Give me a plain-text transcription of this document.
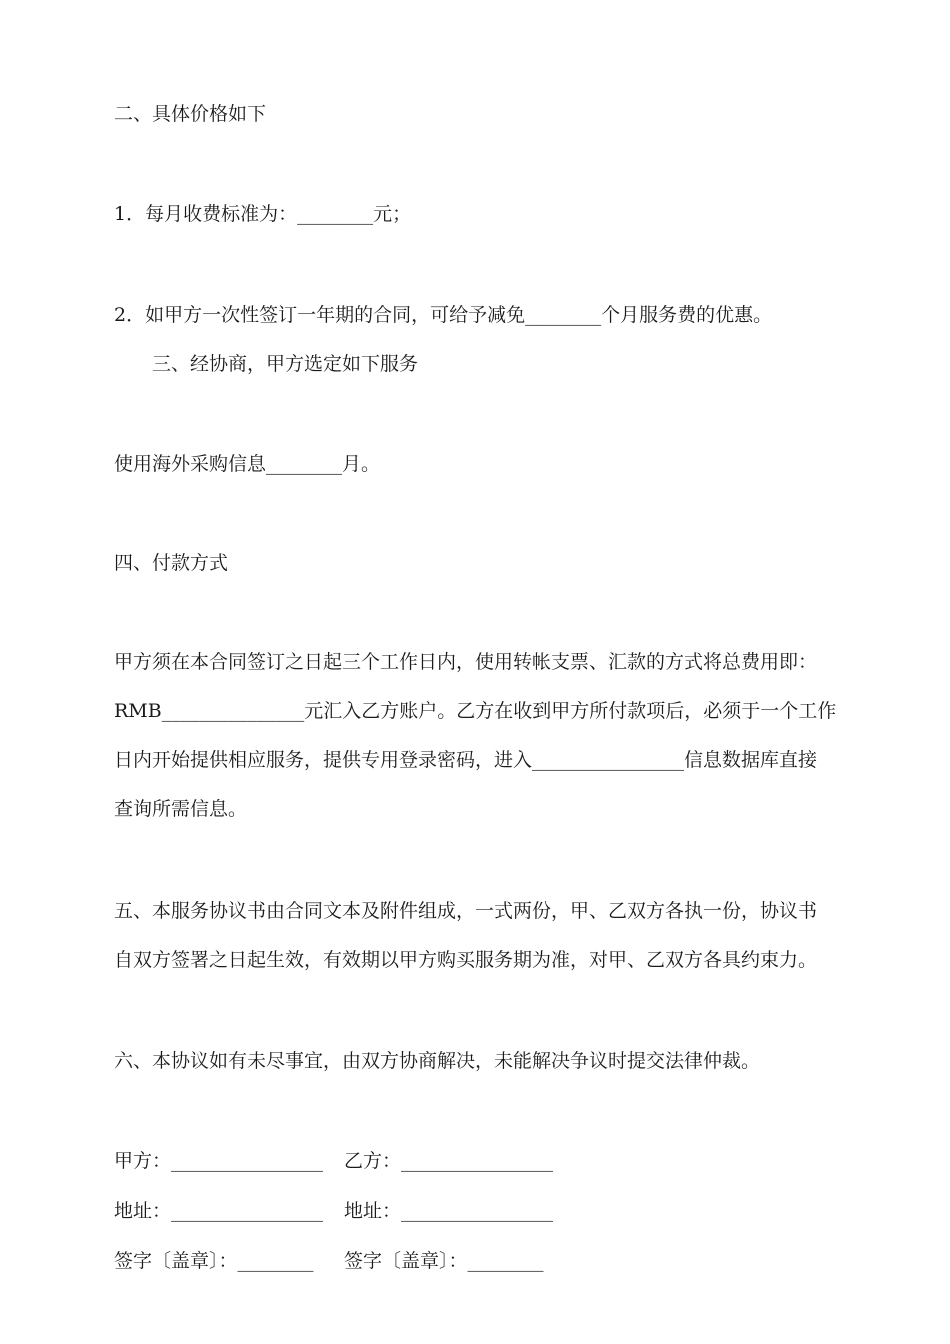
二、具体价格如下
1．每月收费标准为：________元；
2．如甲方一次性签订一年期的合同，可给予减免________个月服务费的优惠。
三、经协商，甲方选定如下服务
使用海外采购信息________月。
四、付款方式
甲方须在本合同签订之日起三个工作日内，使用转帐支票、汇款的方式将总费用即：
RMB_______________元汇入乙方账户。乙方在收到甲方所付款项后，必须于一个工作
日内开始提供相应服务，提供专用登录密码，进入________________信息数据库直接
查询所需信息。
五、本服务协议书由合同文本及附件组成，一式两份，甲、乙双方各执一份，协议书
自双方签署之日起生效，有效期以甲方购买服务期为准，对甲、乙双方各具约束力。
六、本协议如有未尽事宜，由双方协商解决，未能解决争议时提交法律仲裁。
甲方：________________ 乙方：________________
地址：________________ 地址：________________
签字〔盖章〕：________ 签字〔盖章〕：________
